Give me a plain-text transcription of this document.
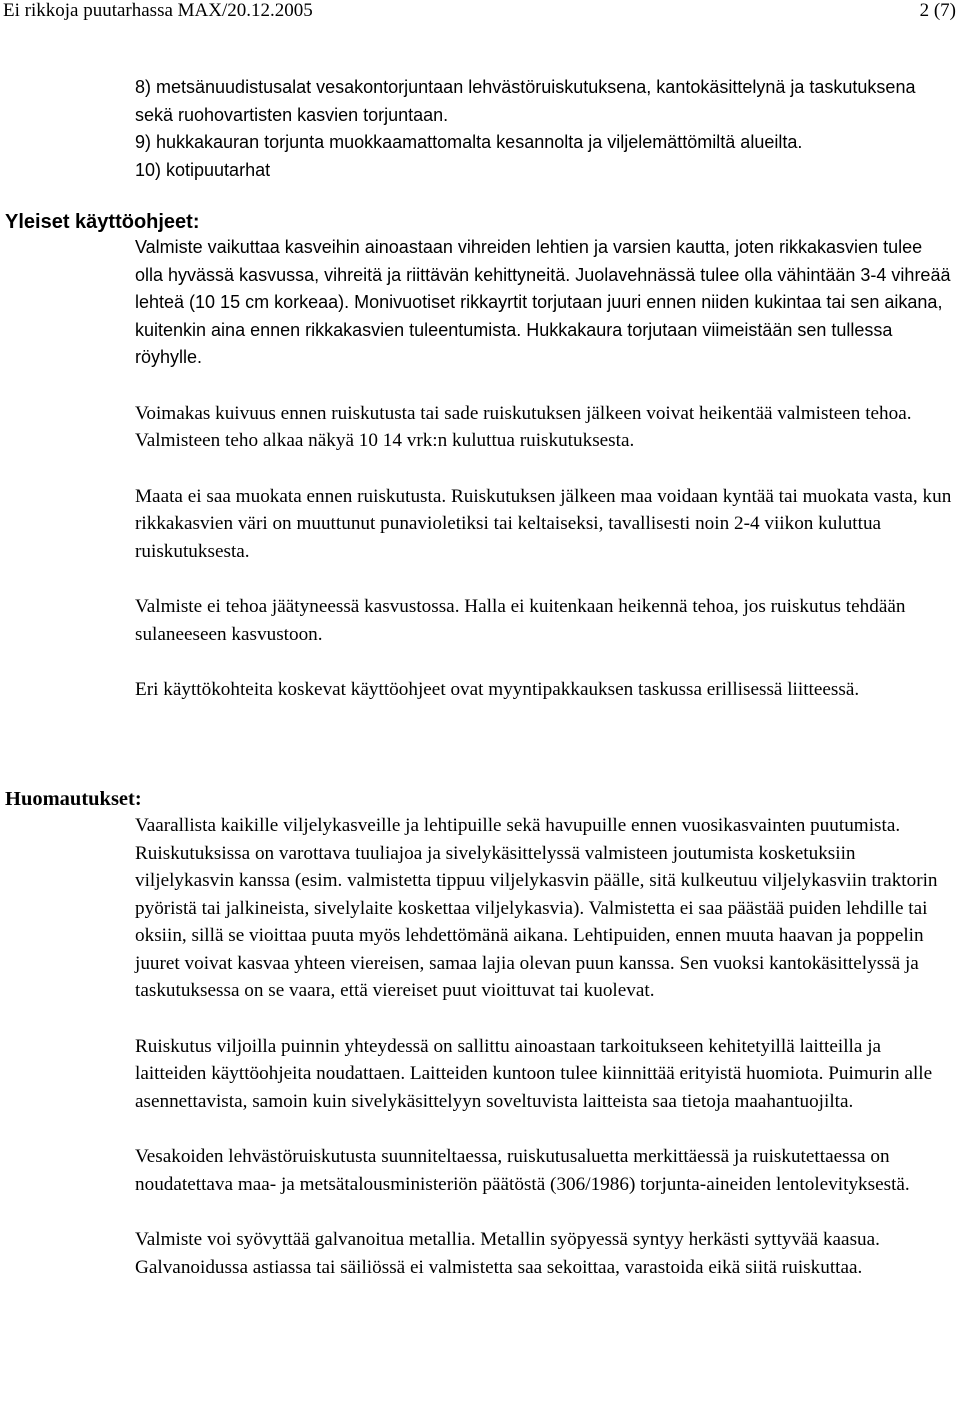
Ei rikkoja puutarhassa MAX/20.12.2005	2 (7)

8) metsänuudistusalat vesakontorjuntaan lehvästöruiskutuksena, kantokäsittelynä ja taskutuksena sekä ruohovartisten kasvien torjuntaan.

9) hukkakauran torjunta muokkaamattomalta kesannolta ja viljelemättömiltä alueilta.

10) kotipuutarhat

Yleiset käyttöohjeet:

Valmiste vaikuttaa kasveihin ainoastaan vihreiden lehtien ja varsien kautta, joten rikkakasvien tulee olla hyvässä kasvussa, vihreitä ja riittävän kehittyneitä. Juolavehnässä tulee olla vähintään 3-4 vihreää lehteä (10 15 cm korkeaa). Monivuotiset rikkayrtit torjutaan juuri ennen niiden kukintaa tai sen aikana, kuitenkin aina ennen rikkakasvien tuleentumista. Hukkakaura torjutaan viimeistään sen tullessa röyhylle.

Voimakas kuivuus ennen ruiskutusta tai sade ruiskutuksen jälkeen voivat heikentää valmisteen tehoa. Valmisteen teho alkaa näkyä 10 14 vrk:n kuluttua ruiskutuksesta.

Maata ei saa muokata ennen ruiskutusta. Ruiskutuksen jälkeen maa voidaan kyntää tai muokata vasta, kun rikkakasvien väri on muuttunut punavioletiksi tai keltaiseksi, tavallisesti noin 2-4 viikon kuluttua ruiskutuksesta.

Valmiste ei tehoa jäätyneessä kasvustossa. Halla ei kuitenkaan heikennä tehoa, jos ruiskutus tehdään sulaneeseen kasvustoon.

Eri käyttökohteita koskevat käyttöohjeet ovat myyntipakkauksen taskussa erillisessä liitteessä.

Huomautukset:

Vaarallista kaikille viljelykasveille ja lehtipuille sekä havupuille ennen vuosikasvainten puutumista. Ruiskutuksissa on varottava tuuliajoa ja sivelykäsittelyssä valmisteen joutumista kosketuksiin viljelykasvin kanssa (esim. valmistetta tippuu viljelykasvin päälle, sitä kulkeutuu viljelykasviin traktorin pyöristä tai jalkineista, sivelylaite koskettaa viljelykasvia). Valmistetta ei saa päästää puiden lehdille tai oksiin, sillä se vioittaa puuta myös lehdettömänä aikana. Lehtipuiden, ennen muuta haavan ja poppelin juuret voivat kasvaa yhteen viereisen, samaa lajia olevan puun kanssa. Sen vuoksi kantokäsittelyssä ja taskutuksessa on se vaara, että viereiset puut vioittuvat tai kuolevat.

Ruiskutus viljoilla puinnin yhteydessä on sallittu ainoastaan tarkoitukseen kehitetyillä laitteilla ja laitteiden käyttöohjeita noudattaen. Laitteiden kuntoon tulee kiinnittää erityistä huomiota. Puimurin alle asennettavista, samoin kuin sivelykäsittelyyn soveltuvista laitteista saa tietoja maahantuojilta.

Vesakoiden lehvästöruiskutusta suunniteltaessa, ruiskutusaluetta merkittäessä ja ruiskutettaessa on noudatettava maa- ja metsätalousministeriön päätöstä (306/1986) torjunta-aineiden lentolevityksestä.

Valmiste voi syövyttää galvanoitua metallia. Metallin syöpyessä syntyy herkästi syttyvää kaasua. Galvanoidussa astiassa tai säiliössä ei valmistetta saa sekoittaa, varastoida eikä siitä ruiskuttaa.
